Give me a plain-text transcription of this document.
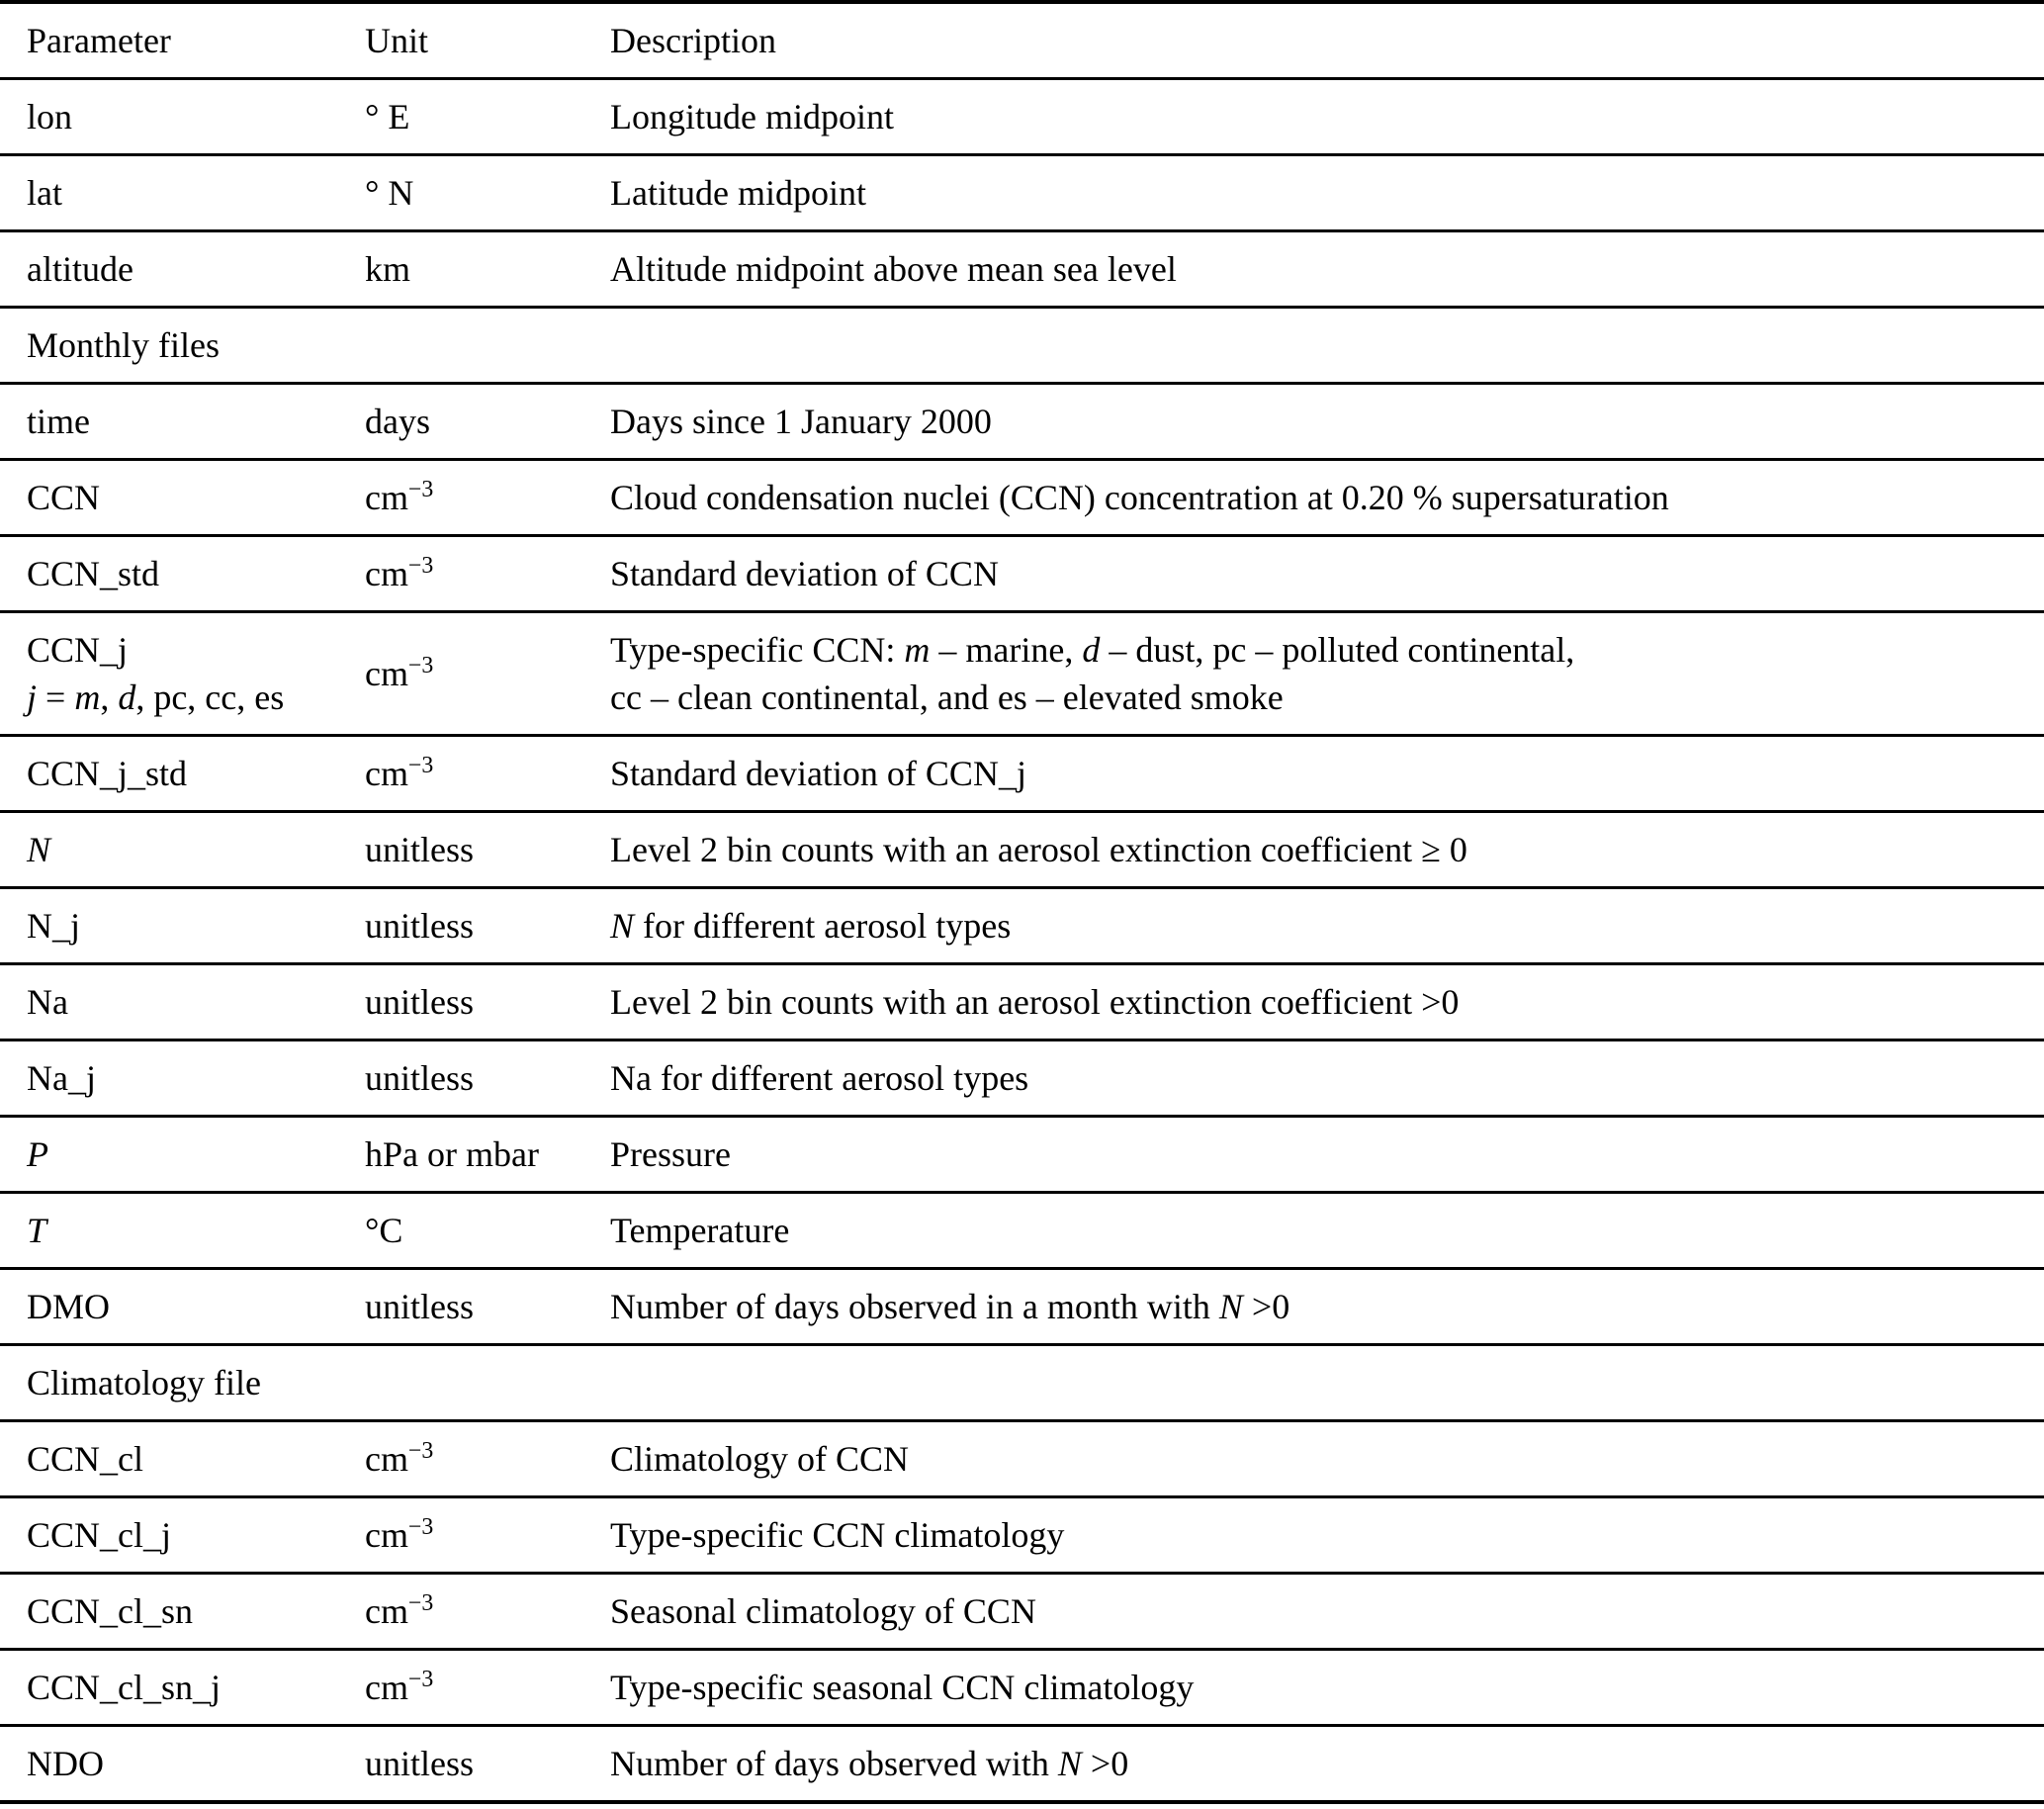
Parameter	Unit	Description

lon	° E	Longitude midpoint

lat	° N	Latitude midpoint

altitude	km	Altitude midpoint above mean sea level

Monthly files		

time	days	Days since 1 January 2000

CCN	$cm^{-3}$	Cloud condensation nuclei (CCN) concentration at 0.20 % supersaturation

CCN_std	$cm^{-3}$	Standard deviation of CCN

CCN_j
j = m, d, pc, cc, es	$cm^{-3}$	Type-specific CCN: m – marine, d – dust, pc – polluted continental,
cc – clean continental, and es – elevated smoke

CCN_j_std	$cm^{-3}$	Standard deviation of CCN_j

N	unitless	Level 2 bin counts with an aerosol extinction coefficient ≥ 0

N_j	unitless	N for different aerosol types

Na	unitless	Level 2 bin counts with an aerosol extinction coefficient >0

Na_j	unitless	Na for different aerosol types

P	hPa or mbar	Pressure

T	°C	Temperature

DMO	unitless	Number of days observed in a month with N >0

Climatology file		

CCN_cl	$cm^{-3}$	Climatology of CCN

CCN_cl_j	$cm^{-3}$	Type-specific CCN climatology

CCN_cl_sn	$cm^{-3}$	Seasonal climatology of CCN

CCN_cl_sn_j	$cm^{-3}$	Type-specific seasonal CCN climatology

NDO	unitless	Number of days observed with N >0
